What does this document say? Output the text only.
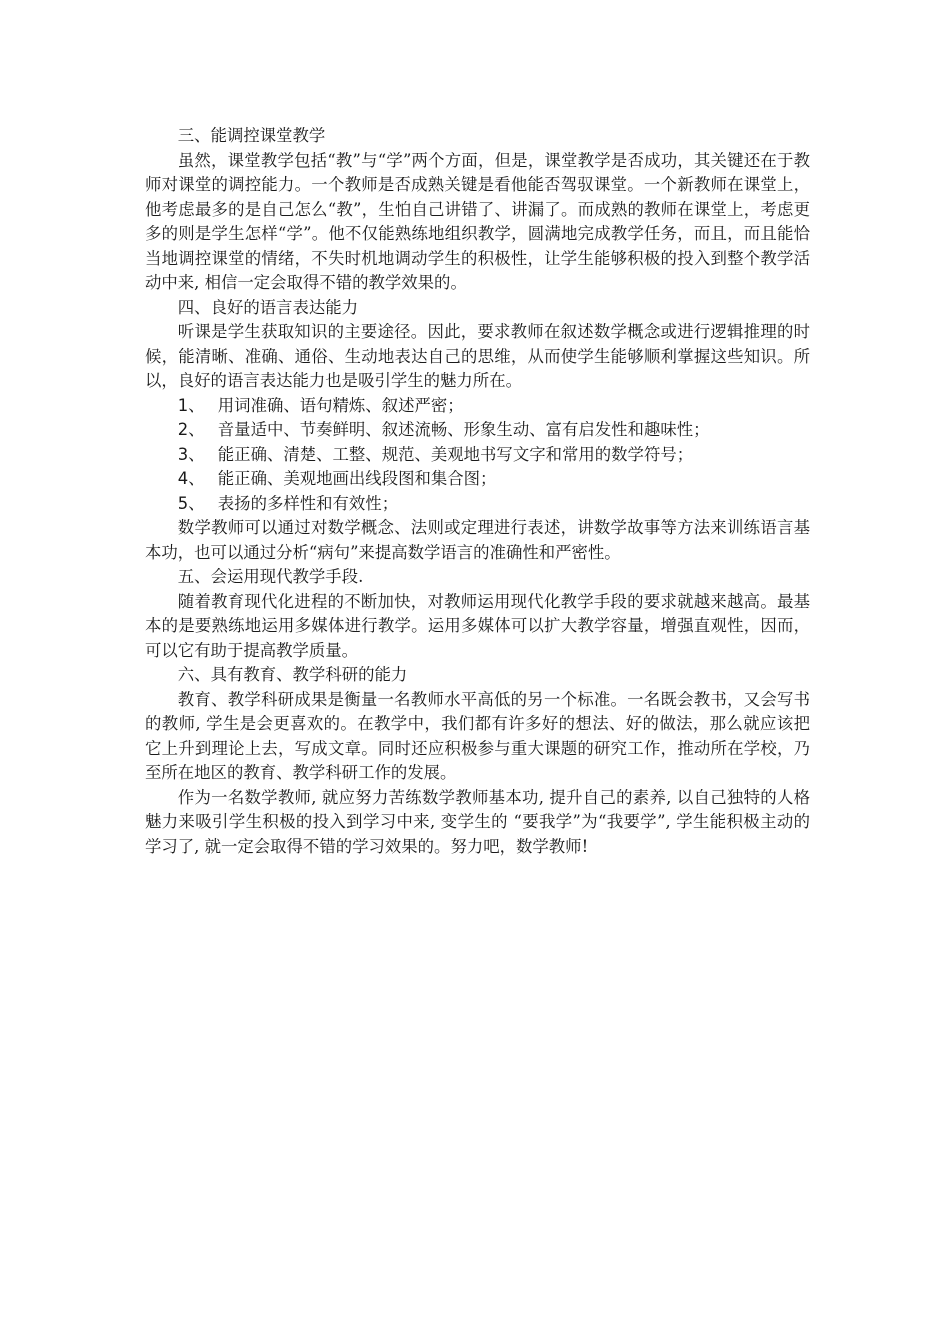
三、能调控课堂教学

虽然，课堂教学包括“教”与“学”两个方面，但是，课堂教学是否成功，其关键还在于教师对课堂的调控能力。一个教师是否成熟关键是看他能否驾驭课堂。一个新教师在课堂上，他考虑最多的是自己怎么“教”，生怕自己讲错了、讲漏了。而成熟的教师在课堂上，考虑更多的则是学生怎样“学”。他不仅能熟练地组织教学，圆满地完成教学任务，而且，而且能恰当地调控课堂的情绪，不失时机地调动学生的积极性，让学生能够积极的投入到整个教学活动中来, 相信一定会取得不错的教学效果的。

四、良好的语言表达能力

听课是学生获取知识的主要途径。因此，要求教师在叙述数学概念或进行逻辑推理的时候，能清晰、准确、通俗、生动地表达自己的思维，从而使学生能够顺利掌握这些知识。所以，良好的语言表达能力也是吸引学生的魅力所在。

1、 用词准确、语句精炼、叙述严密；

2、 音量适中、节奏鲜明、叙述流畅、形象生动、富有启发性和趣味性；

3、 能正确、清楚、工整、规范、美观地书写文字和常用的数学符号；

4、 能正确、美观地画出线段图和集合图；

5、 表扬的多样性和有效性；

数学教师可以通过对数学概念、法则或定理进行表述，讲数学故事等方法来训练语言基本功，也可以通过分析“病句”来提高数学语言的准确性和严密性。

五、会运用现代教学手段.

随着教育现代化进程的不断加快，对教师运用现代化教学手段的要求就越来越高。最基本的是要熟练地运用多媒体进行教学。运用多媒体可以扩大教学容量，增强直观性，因而，可以它有助于提高教学质量。

六、具有教育、教学科研的能力

教育、教学科研成果是衡量一名教师水平高低的另一个标准。一名既会教书，又会写书的教师, 学生是会更喜欢的。在教学中，我们都有许多好的想法、好的做法，那么就应该把它上升到理论上去，写成文章。同时还应积极参与重大课题的研究工作，推动所在学校，乃至所在地区的教育、教学科研工作的发展。

作为一名数学教师, 就应努力苦练数学教师基本功, 提升自己的素养, 以自己独特的人格魅力来吸引学生积极的投入到学习中来, 变学生的 “要我学”为“我要学”, 学生能积极主动的学习了, 就一定会取得不错的学习效果的。努力吧，数学教师!
